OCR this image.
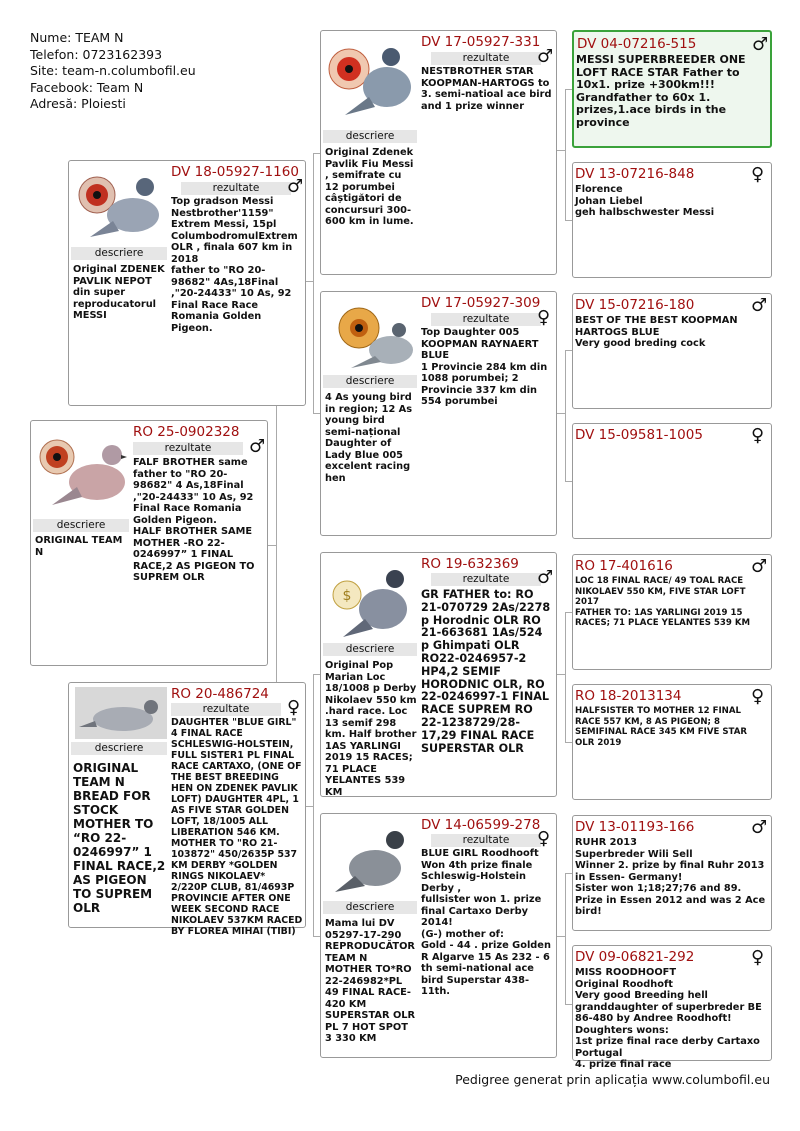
Nume: TEAM N
Telefon: 0723162393
Site: team-n.columbofil.eu
Facebook: Team N
Adresă: Ploiesti
descriere
ORIGINAL TEAM N
RO 25-0902328
rezultate	♂
FALF BROTHER same father to "RO 20-98682" 4 As,18Final ,"20-24433" 10 As, 92 Final Race Romania Golden Pigeon.
HALF BROTHER SAME MOTHER -RO 22-0246997” 1 FINAL RACE,2 AS PIGEON TO SUPREM OLR
descriere
Original ZDENEK PAVLIK NEPOT din super reproducatorul MESSI
DV 18-05927-1160
rezultate	♂
Top gradson Messi Nestbrother'1159" Extrem Messi, 15pl ColumbodromulExtrem OLR , finala 607 km in 2018
father to "RO 20-98682" 4As,18Final ,"20-24433" 10 As, 92 Final Race Race Romania Golden Pigeon.
descriere
ORIGINAL TEAM N BREAD FOR STOCK MOTHER TO “RO 22-0246997” 1 FINAL RACE,2 AS PIGEON TO SUPREM OLR
RO 20-486724
rezultate	♀
DAUGHTER "BLUE GIRL" 4 FINAL RACE SCHLESWIG-HOLSTEIN, FULL SISTER1 PL FINAL RACE CARTAXO, (ONE OF THE BEST BREEDING HEN ON ZDENEK PAVLIK LOFT) DAUGHTER 4PL, 1 AS FIVE STAR GOLDEN LOFT, 18/1005 ALL LIBERATION 546 KM. MOTHER TO "RO 21-103872" 450/2635P 537 KM DERBY *GOLDEN RINGS NIKOLAEV* 2/220P CLUB, 81/4693P PROVINCIE AFTER ONE WEEK SECOND RACE NIKOLAEV 537KM RACED BY FLOREA MIHAI (TIBI)
descriere
Original Zdenek Pavlik Fiu Messi , semifrate cu 12 porumbei câștigători de concursuri 300-600 km in lume.
DV 17-05927-331
rezultate	♂
NESTBROTHER STAR KOOPMAN-HARTOGS to 3. semi-natioal ace bird and 1 prize winner
descriere
4 As young bird in region; 12 As young bird semi-național Daughter of Lady Blue 005 excelent racing hen
DV 17-05927-309
rezultate	♀
Top Daughter 005 KOOPMAN RAYNAERT BLUE
1 Provincie 284 km din 1088 porumbei; 2 Provincie 337 km din 554 porumbei
$
descriere
Original Pop Marian Loc 18/1008 p Derby Nikolaev 550 km .hard race. Loc 13 semif 298 km. Half brother 1AS YARLINGI 2019 15 RACES; 71 PLACE YELANTES 539 KM
RO 19-632369
rezultate	♂
GR FATHER to: RO 21-070729 2As/2278 p Horodnic OLR RO 21-663681 1As/524 p Ghimpati OLR RO22-0246957-2 HP4,2 SEMIF HORODNIC OLR, RO 22-0246997-1 FINAL RACE SUPREM RO 22-1238729/28-17,29 FINAL RACE SUPERSTAR OLR
descriere
Mama lui DV 05297-17-290 REPRODUCĂTOR TEAM N MOTHER TO*RO 22-246982*PL 49 FINAL RACE-420 KM SUPERSTAR OLR PL 7 HOT SPOT 3 330 KM
DV 14-06599-278
rezultate	♀
BLUE GIRL Roodhooft
Won 4th prize finale Schleswig-Holstein Derby ,
fullsister won 1. prize final Cartaxo Derby 2014!
(G-) mother of:
Gold - 44 . prize Golden R Algarve 15 As 232 - 6 th semi-national ace bird Superstar 438-11th.
DV 04-07216-515	♂
MESSI SUPERBREEDER ONE LOFT RACE STAR Father to 10x1. prize +300km!!! Grandfather to 60x 1. prizes,1.ace birds in the province
DV 13-07216-848	♀
Florence
Johan Liebel
geh halbschwester Messi
DV 15-07216-180	♂
BEST OF THE BEST KOOPMAN HARTOGS BLUE
Very good breding cock
DV 15-09581-1005	♀
RO 17-401616	♂
LOC 18 FINAL RACE/ 49 TOAL RACE NIKOLAEV 550 KM, FIVE STAR LOFT 2017
FATHER TO: 1AS YARLINGI 2019 15 RACES; 71 PLACE YELANTES 539 KM
RO 18-2013134	♀
HALFSISTER TO MOTHER 12 FINAL RACE 557 KM, 8 AS PIGEON; 8 SEMIFINAL RACE 345 KM FIVE STAR OLR 2019
DV 13-01193-166	♂
RUHR 2013
Superbreder Wili Sell
Winner 2. prize by final Ruhr 2013 in Essen- Germany!
Sister won 1;18;27;76 and 89. Prize in Essen 2012 and was 2 Ace bird!
DV 09-06821-292	♀
MISS ROODHOOFT
Original Roodhoft
Very good Breeding hell granddaughter of superbreder BE 86-480 by Andree Roodhoft!
Doughters wons:
1st prize final race derby Cartaxo Portugal
4. prize final race
Pedigree generat prin aplicația www.columbofil.eu
